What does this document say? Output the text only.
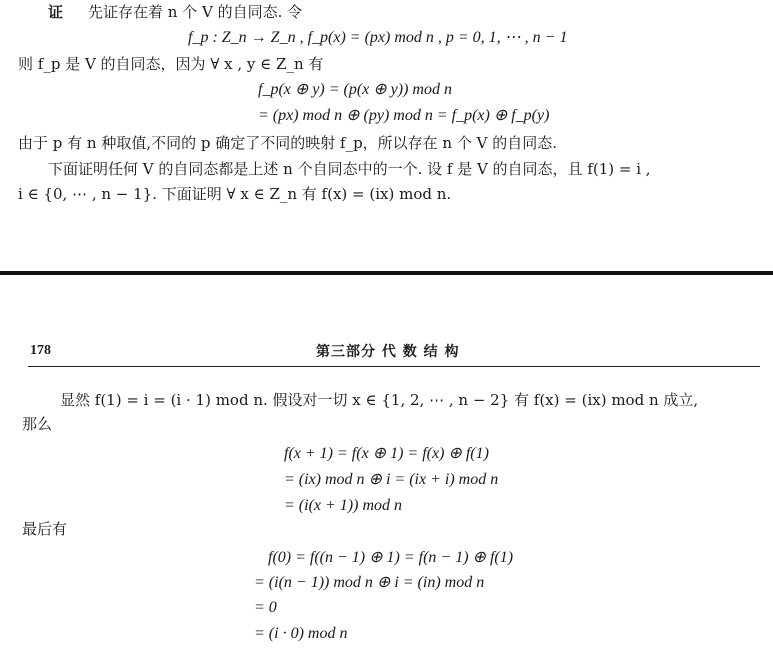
证 先证存在着 n 个 V 的自同态. 令
f_p : Z_n → Z_n , f_p(x) = (px) mod n , p = 0, 1, ⋯ , n − 1
则 f_p 是 V 的自同态，因为 ∀ x , y ∈ Z_n 有
f_p(x ⊕ y) = (p(x ⊕ y)) mod n
= (px) mod n ⊕ (py) mod n = f_p(x) ⊕ f_p(y)
由于 p 有 n 种取值,不同的 p 确定了不同的映射 f_p，所以存在 n 个 V 的自同态.
下面证明任何 V 的自同态都是上述 n 个自同态中的一个. 设 f 是 V 的自同态，且 f(1) = i ,
i ∈ {0, ⋯ , n − 1}. 下面证明 ∀ x ∈ Z_n 有 f(x) = (ix) mod n.
178	第三部分 代 数 结 构
显然 f(1) = i = (i · 1) mod n. 假设对一切 x ∈ {1, 2, ⋯ , n − 2} 有 f(x) = (ix) mod n 成立,
那么
f(x + 1) = f(x ⊕ 1) = f(x) ⊕ f(1)
= (ix) mod n ⊕ i = (ix + i) mod n
= (i(x + 1)) mod n
最后有
f(0) = f((n − 1) ⊕ 1) = f(n − 1) ⊕ f(1)
= (i(n − 1)) mod n ⊕ i = (in) mod n
= 0
= (i · 0) mod n
